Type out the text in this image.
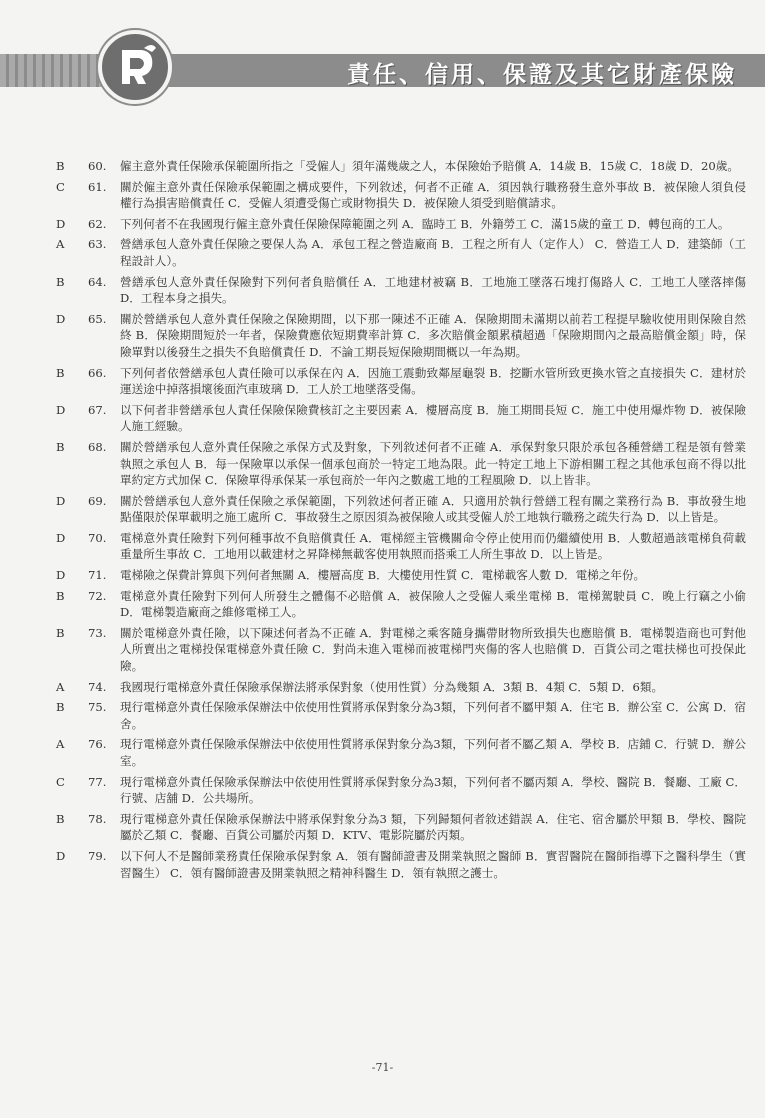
責任、信用、保證及其它財產保險
B	60.	僱主意外責任保險承保範圍所指之「受僱人」須年滿幾歲之人，本保險始予賠償 A．14歲 B．15歲 C．18歲 D．20歲。
C	61.	關於僱主意外責任保險承保範圍之構成要件，下列敘述，何者不正確 A．須因執行職務發生意外事故 B．被保險人須負侵權行為損害賠償責任 C．受僱人須遭受傷亡或財物損失 D．被保險人須受到賠償請求。
D	62.	下列何者不在我國現行僱主意外責任保險保障範圍之列 A．臨時工 B．外籍勞工 C．滿15歲的童工 D．轉包商的工人。
A	63.	營繕承包人意外責任保險之要保人為 A．承包工程之營造廠商 B．工程之所有人（定作人） C．營造工人 D．建築師（工程設計人）。
B	64.	營繕承包人意外責任保險對下列何者負賠償任 A．工地建材被竊 B．工地施工墜落石塊打傷路人 C．工地工人墜落摔傷 D．工程本身之損失。
D	65.	關於營繕承包人意外責任保險之保險期間，以下那一陳述不正確 A．保險期間未滿期以前若工程提早驗收使用則保險自然終 B．保險期間短於一年者，保險費應依短期費率計算 C．多次賠償金額累積超過「保險期間內之最高賠償金額」時，保險單對以後發生之損失不負賠償責任 D．不論工期長短保險期間概以一年為期。
B	66.	下列何者依營繕承包人責任險可以承保在內 A．因施工震動致鄰屋龜裂 B．挖斷水管所致更換水管之直接損失 C．建材於運送途中掉落損壞後面汽車玻璃 D．工人於工地墜落受傷。
D	67.	以下何者非營繕承包人責任保險保險費核訂之主要因素 A．樓層高度 B．施工期間長短 C．施工中使用爆炸物 D．被保險人施工經驗。
B	68.	關於營繕承包人意外責任保險之承保方式及對象，下列敘述何者不正確 A．承保對象只限於承包各種營繕工程是領有營業執照之承包人 B．每一保險單以承保一個承包商於一特定工地為限。此一特定工地上下游相關工程之其他承包商不得以批單約定方式加保 C．保險單得承保某一承包商於一年內之數處工地的工程風險 D．以上皆非。
D	69.	關於營繕承包人意外責任保險之承保範圍，下列敘述何者正確 A．只適用於執行營繕工程有關之業務行為 B．事故發生地點僅限於保單載明之施工處所 C．事故發生之原因須為被保險人或其受僱人於工地執行職務之疏失行為 D．以上皆是。
D	70.	電梯意外責任險對下列何種事故不負賠償責任 A．電梯經主管機關命令停止使用而仍繼續使用 B．人數超過該電梯負荷載重量所生事故 C．工地用以載建材之昇降梯無載客使用執照而搭乘工人所生事故 D．以上皆是。
D	71.	電梯險之保費計算與下列何者無關 A．樓層高度 B．大樓使用性質 C．電梯載客人數 D．電梯之年份。
B	72.	電梯意外責任險對下列何人所發生之體傷不必賠償 A．被保險人之受僱人乘坐電梯 B．電梯駕駛員 C．晚上行竊之小偷 D．電梯製造廠商之維修電梯工人。
B	73.	關於電梯意外責任險，以下陳述何者為不正確 A．對電梯之乘客隨身攜帶財物所致損失也應賠償 B．電梯製造商也可對他人所賣出之電梯投保電梯意外責任險 C．對尚未進入電梯而被電梯門夾傷的客人也賠償 D．百貨公司之電扶梯也可投保此險。
A	74.	我國現行電梯意外責任保險承保辦法將承保對象（使用性質）分為幾類 A．3類 B．4類 C．5類 D．6類。
B	75.	現行電梯意外責任保險承保辦法中依使用性質將承保對象分為3類，下列何者不屬甲類 A．住宅 B．辦公室 C．公寓 D．宿舍。
A	76.	現行電梯意外責任保險承保辦法中依使用性質將承保對象分為3類，下列何者不屬乙類 A．學校 B．店鋪 C．行號 D．辦公室。
C	77.	現行電梯意外責任保險承保辦法中依使用性質將承保對象分為3類，下列何者不屬丙類 A．學校、醫院 B．餐廳、工廠 C．行號、店舖 D．公共場所。
B	78.	現行電梯意外責任保險承保辦法中將承保對象分為3 類，下列歸類何者敘述錯誤 A．住宅、宿舍屬於甲類 B．學校、醫院屬於乙類 C．餐廳、百貨公司屬於丙類 D．KTV、電影院屬於丙類。
D	79.	以下何人不是醫師業務責任保險承保對象 A．領有醫師證書及開業執照之醫師 B．實習醫院在醫師指導下之醫科學生（實習醫生） C．領有醫師證書及開業執照之精神科醫生 D．領有執照之護士。
-71-
